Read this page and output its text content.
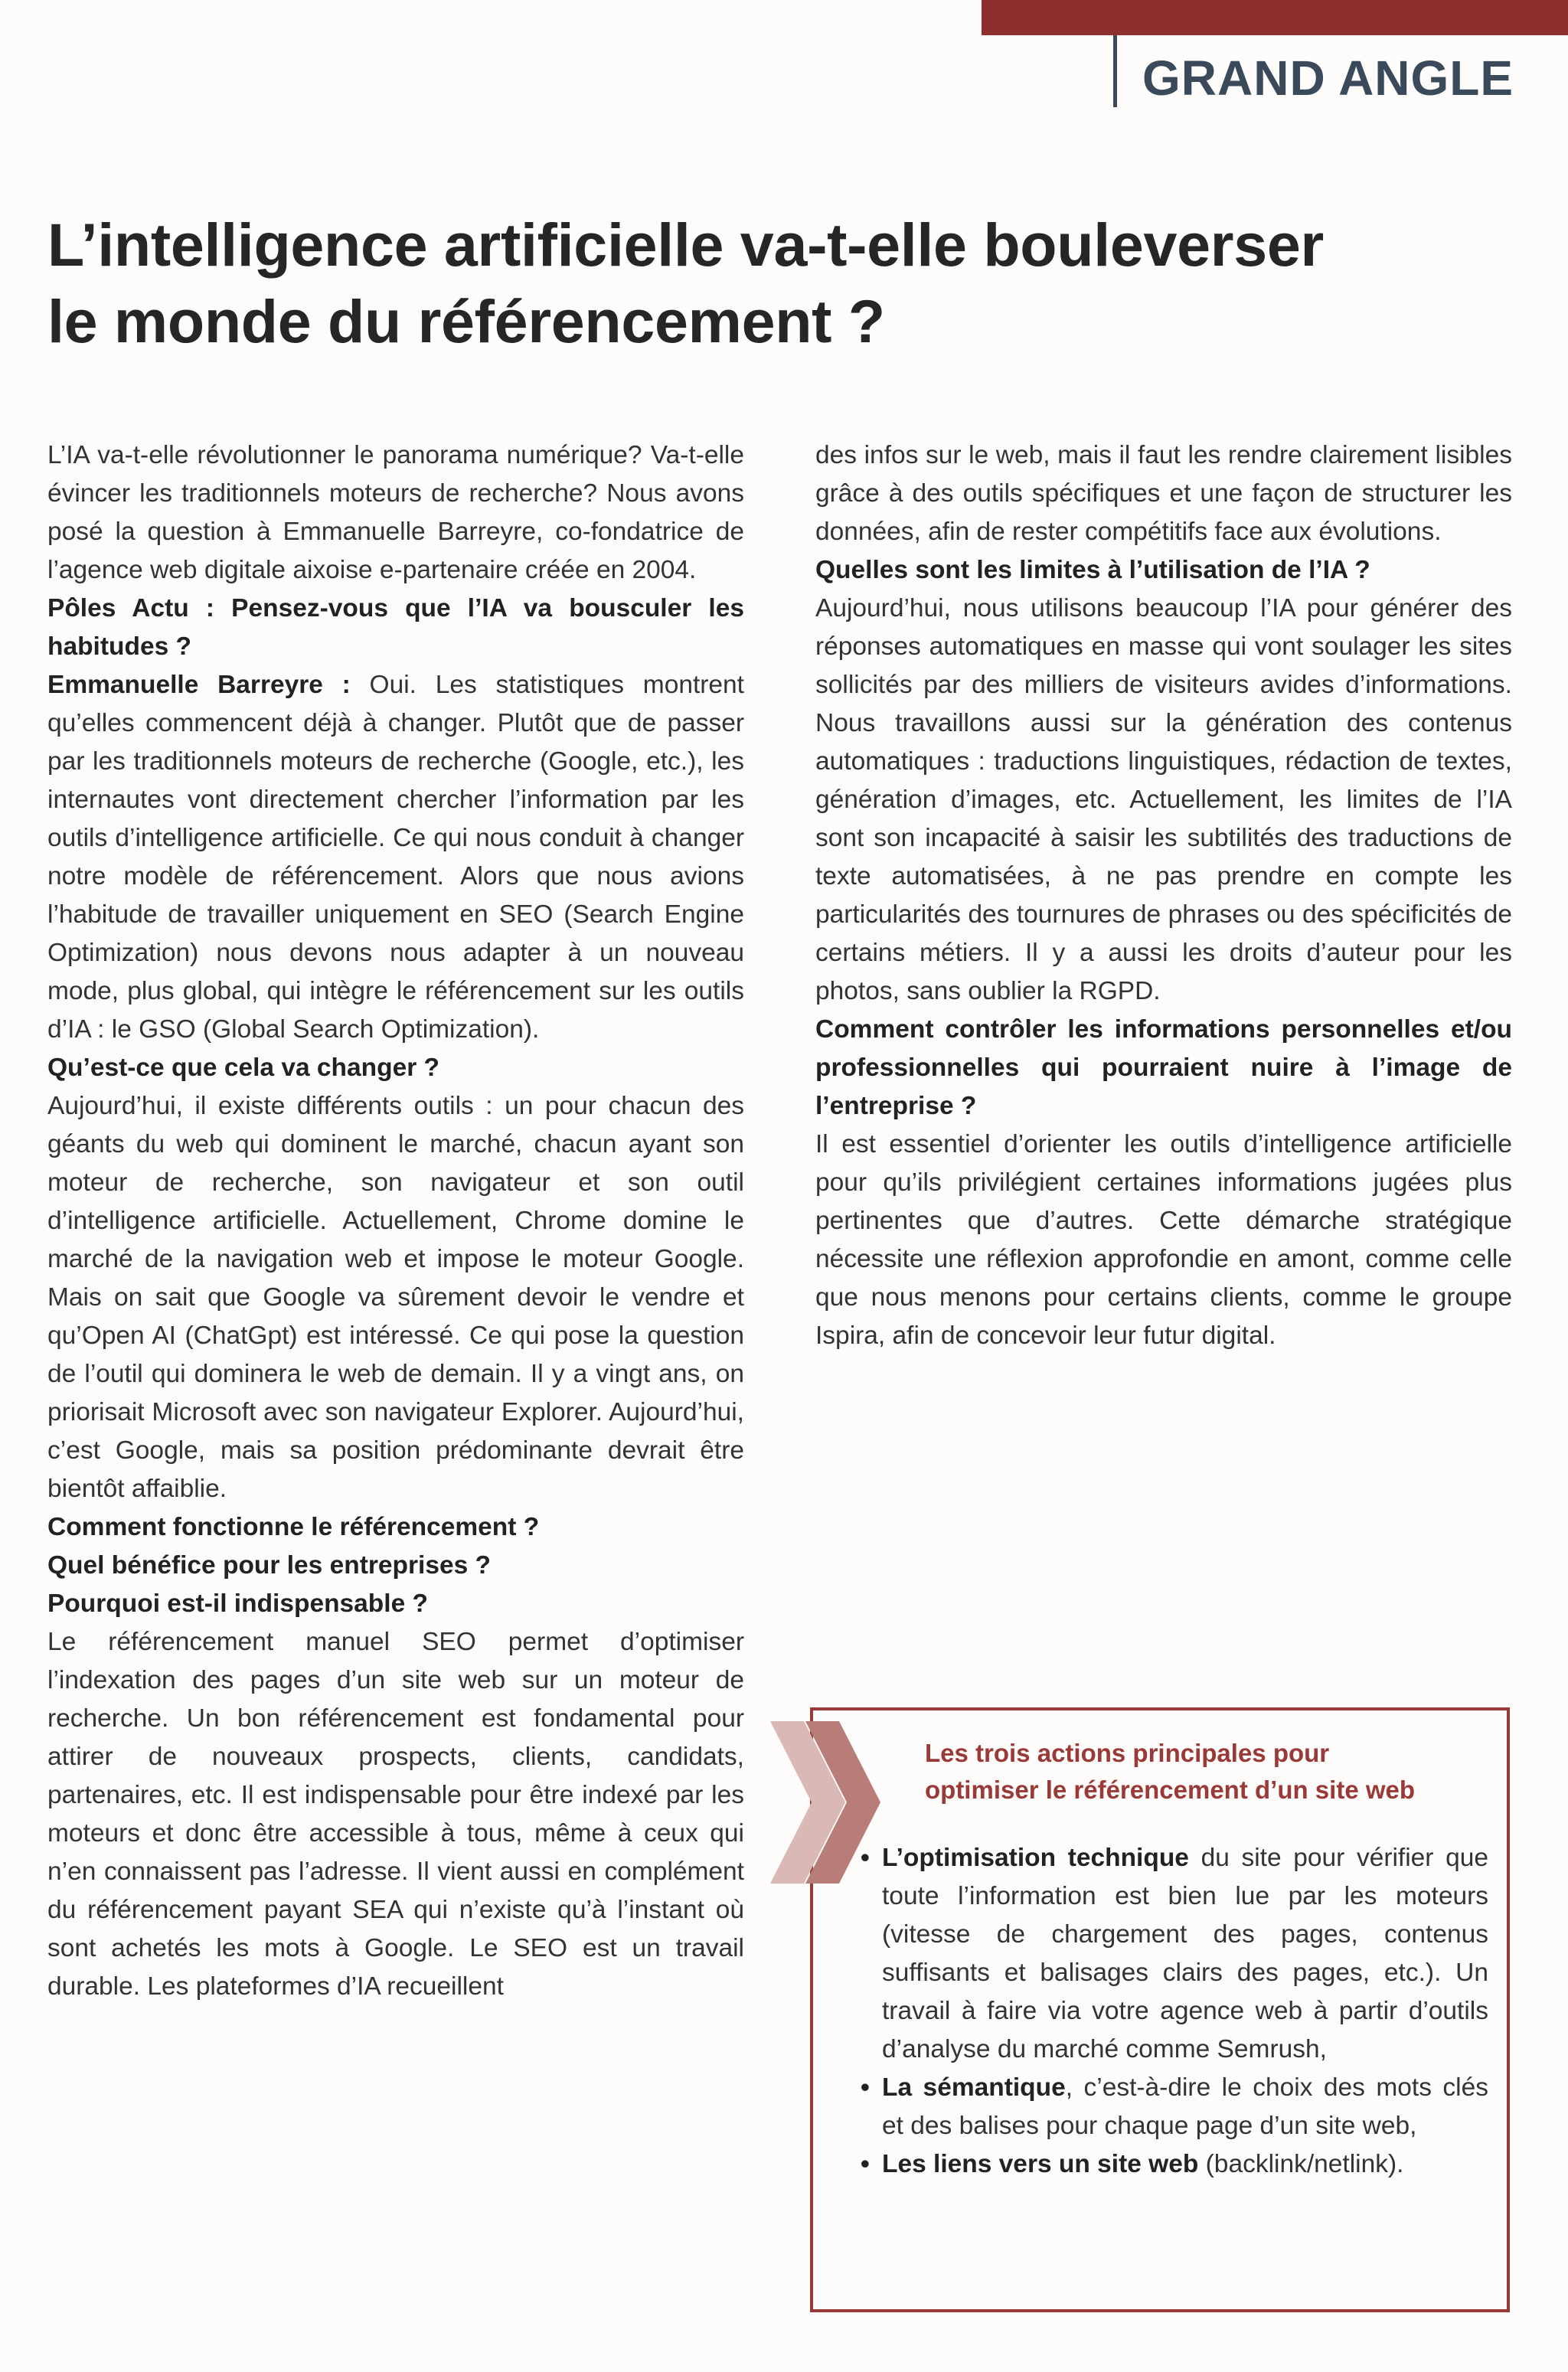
GRAND ANGLE
L’intelligence artificielle va-t-elle bouleverser
le monde du référencement ?

L’IA va-t-elle révolutionner le panorama numérique? Va-t-elle évincer les traditionnels moteurs de recherche? Nous avons posé la question à Emmanuelle Barreyre, co-fondatrice de l’agence web digitale aixoise e-partenaire créée en 2004.

Pôles Actu : Pensez-vous que l’IA va bousculer les habitudes ?

Emmanuelle Barreyre : Oui. Les statistiques montrent qu’elles commencent déjà à changer. Plutôt que de passer par les traditionnels moteurs de recherche (Google, etc.), les internautes vont directement chercher l’information par les outils d’intelligence artificielle. Ce qui nous conduit à changer notre modèle de référencement. Alors que nous avions l’habitude de travailler uniquement en SEO (Search Engine Optimization) nous devons nous adapter à un nouveau mode, plus global, qui intègre le référencement sur les outils d’IA : le GSO (Global Search Optimization).

Qu’est-ce que cela va changer ?

Aujourd’hui, il existe différents outils : un pour chacun des géants du web qui dominent le marché, chacun ayant son moteur de recherche, son navigateur et son outil d’intelligence artificielle. Actuellement, Chrome domine le marché de la navigation web et impose le moteur Google. Mais on sait que Google va sûrement devoir le vendre et qu’Open AI (ChatGpt) est intéressé. Ce qui pose la question de l’outil qui dominera le web de demain. Il y a vingt ans, on priorisait Microsoft avec son navigateur Explorer. Aujourd’hui, c’est Google, mais sa position prédominante devrait être bientôt affaiblie.

Comment fonctionne le référencement ?
Quel bénéfice pour les entreprises ?
Pourquoi est-il indispensable ?

Le référencement manuel SEO permet d’optimiser l’indexation des pages d’un site web sur un moteur de recherche. Un bon référencement est fondamental pour attirer de nouveaux prospects, clients, candidats, partenaires, etc. Il est indispensable pour être indexé par les moteurs et donc être accessible à tous, même à ceux qui n’en connaissent pas l’adresse. Il vient aussi en complément du référencement payant SEA qui n’existe qu’à l’instant où sont achetés les mots à Google. Le SEO est un travail durable. Les plateformes d’IA recueillent

des infos sur le web, mais il faut les rendre clairement lisibles grâce à des outils spécifiques et une façon de structurer les données, afin de rester compétitifs face aux évolutions.

Quelles sont les limites à l’utilisation de l’IA ?

Aujourd’hui, nous utilisons beaucoup l’IA pour générer des réponses automatiques en masse qui vont soulager les sites sollicités par des milliers de visiteurs avides d’informations. Nous travaillons aussi sur la génération des contenus automatiques : traductions linguistiques, rédaction de textes, génération d’images, etc. Actuellement, les limites de l’IA sont son incapacité à saisir les subtilités des traductions de texte automatisées, à ne pas prendre en compte les particularités des tournures de phrases ou des spécificités de certains métiers. Il y a aussi les droits d’auteur pour les photos, sans oublier la RGPD.

Comment contrôler les informations personnelles et/ou professionnelles qui pourraient nuire à l’image de l’entreprise ?

Il est essentiel d’orienter les outils d’intelligence artificielle pour qu’ils privilégient certaines informations jugées plus pertinentes que d’autres. Cette démarche stratégique nécessite une réflexion approfondie en amont, comme celle que nous menons pour certains clients, comme le groupe Ispira, afin de concevoir leur futur digital.

Les trois actions principales pour
optimiser le référencement d’un site web

• L’optimisation technique du site pour vérifier que toute l’information est bien lue par les moteurs (vitesse de chargement des pages, contenus suffisants et balisages clairs des pages, etc.). Un travail à faire via votre agence web à partir d’outils d’analyse du marché comme Semrush,
• La sémantique, c’est-à-dire le choix des mots clés et des balises pour chaque page d’un site web,
• Les liens vers un site web (backlink/netlink).
